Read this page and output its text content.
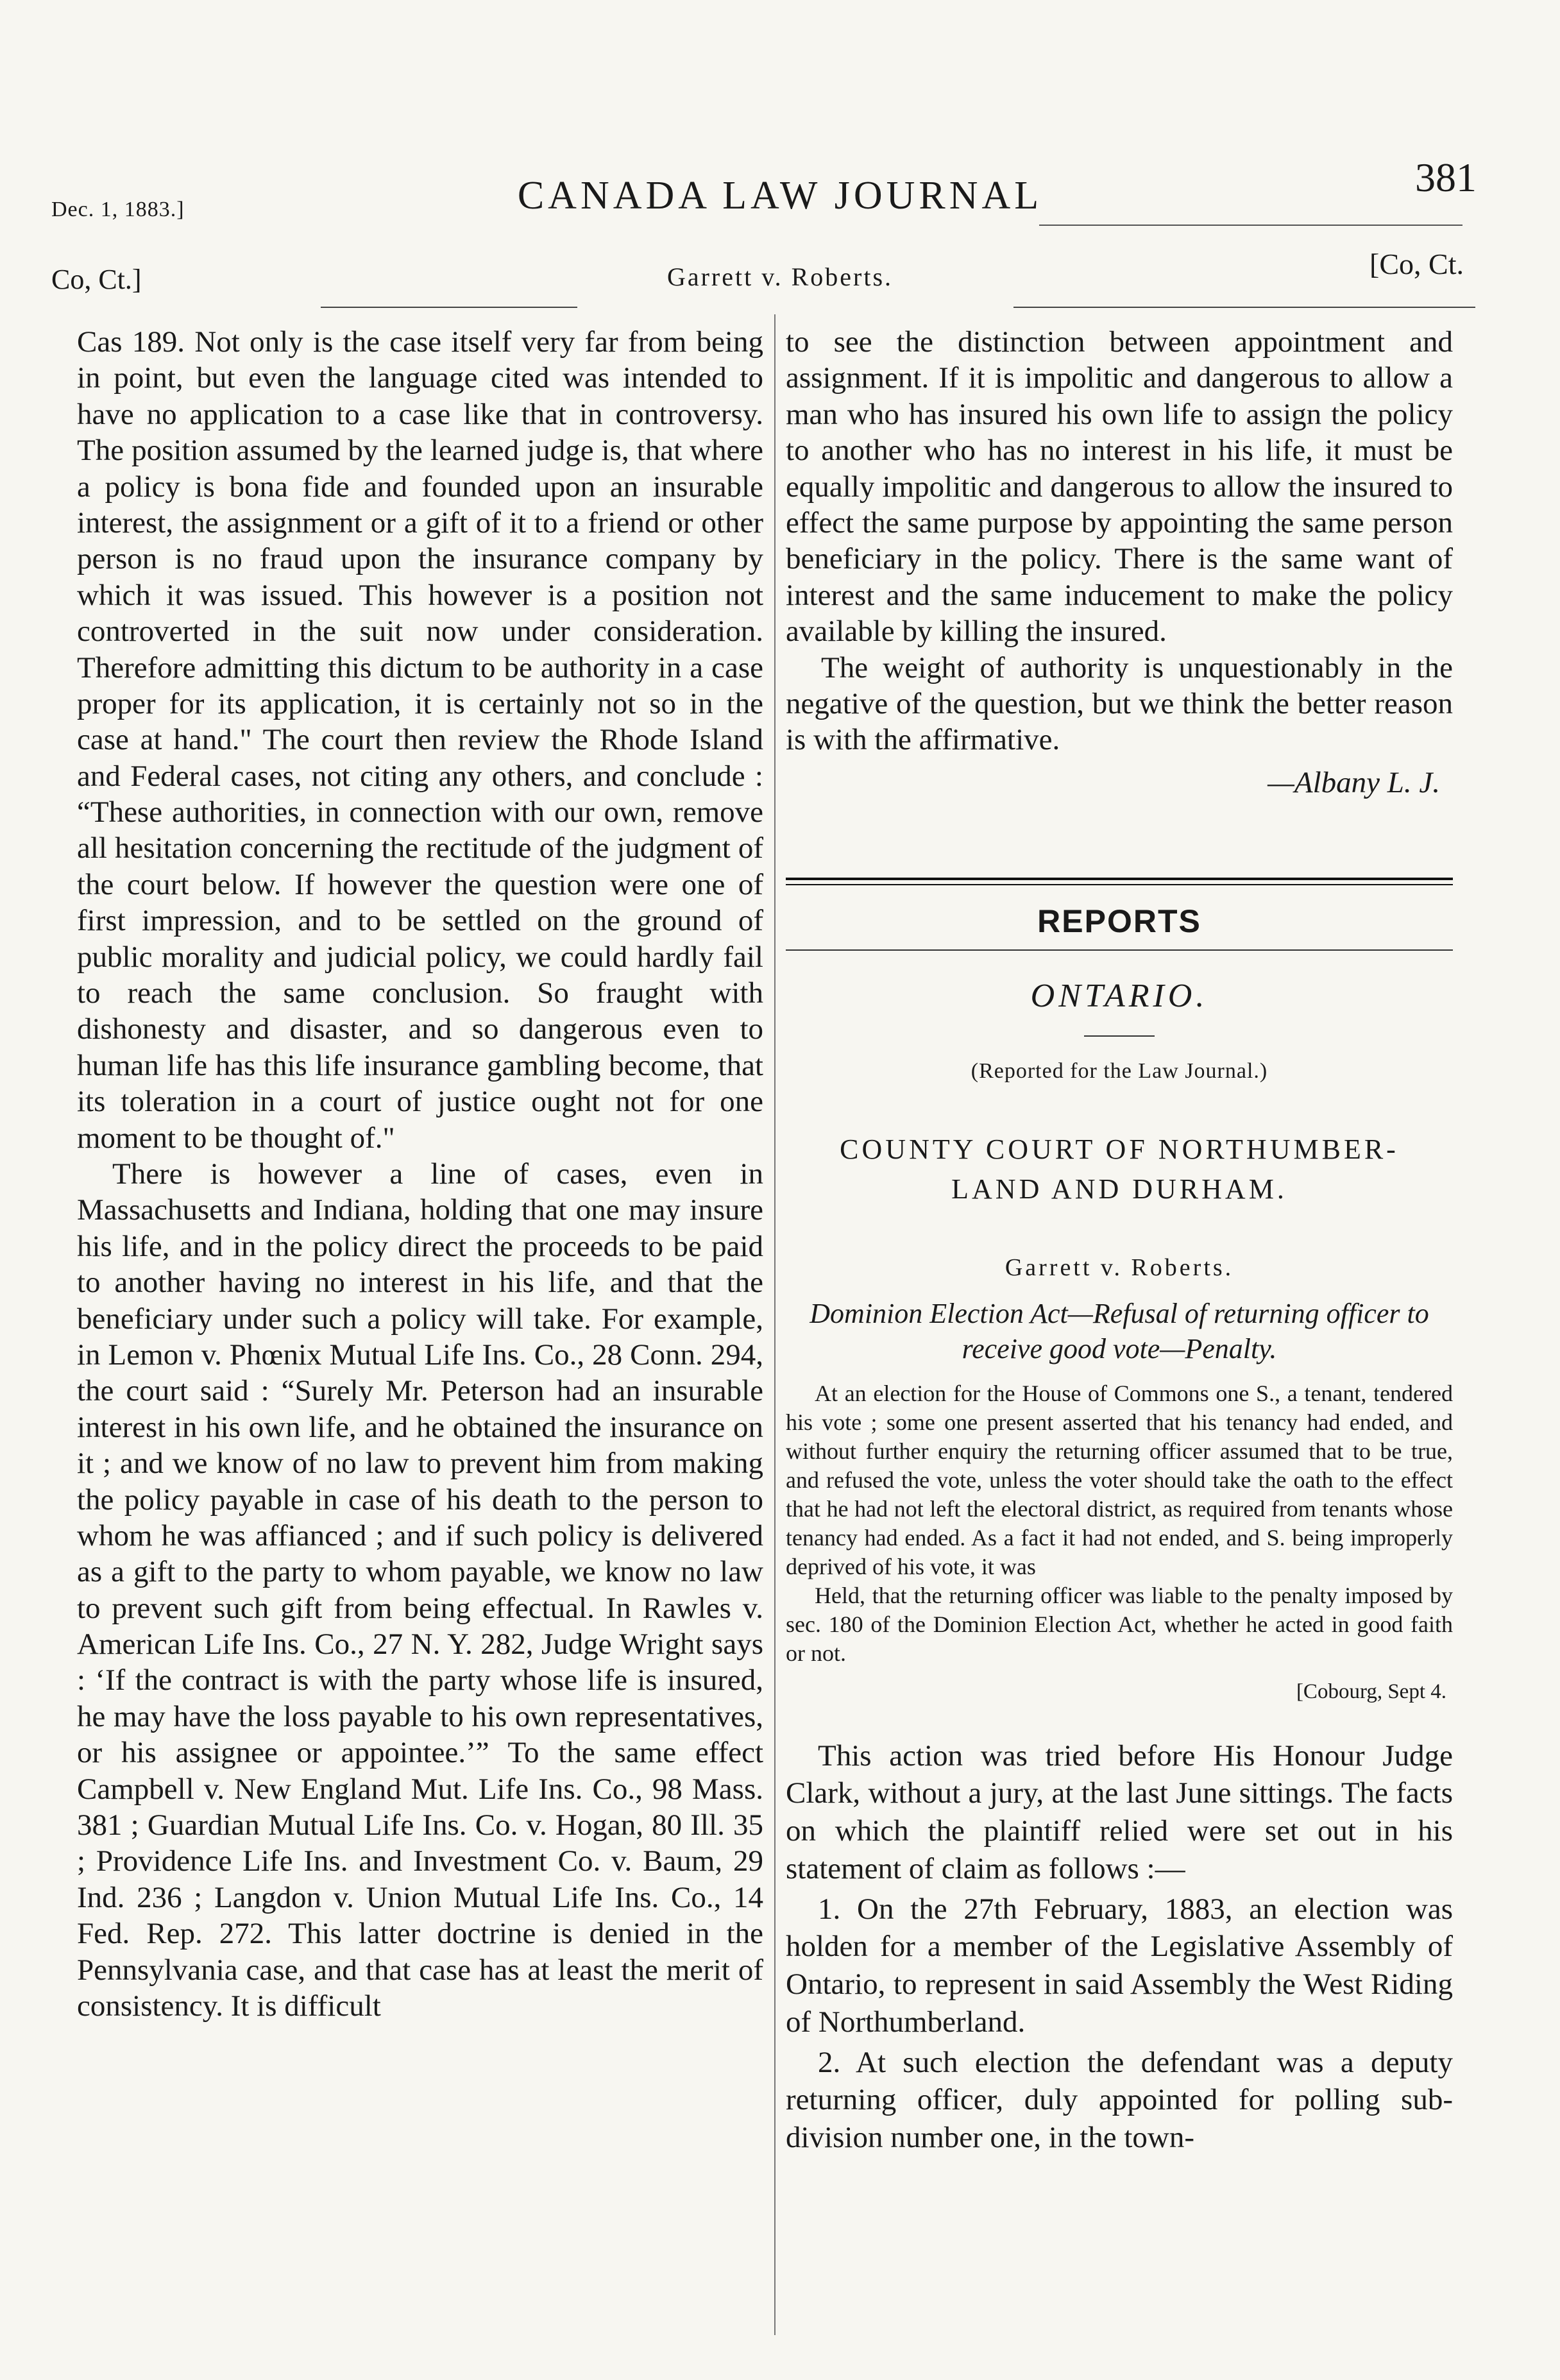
Dec. 1, 1883.]	CANADA LAW JOURNAL	381
Co, Ct.]	Garrett v. Roberts.	[Co, Ct.

Cas 189. Not only is the case itself very far from being in point, but even the language cited was intended to have no application to a case like that in controversy. The position assumed by the learned judge is, that where a policy is bona fide and founded upon an insurable interest, the assignment or a gift of it to a friend or other person is no fraud upon the insurance company by which it was issued. This however is a position not controverted in the suit now under consideration. Therefore admitting this dictum to be authority in a case proper for its application, it is certainly not so in the case at hand." The court then review the Rhode Island and Federal cases, not citing any others, and conclude : “These authorities, in connection with our own, remove all hesitation concerning the rectitude of the judgment of the court below. If however the question were one of first impression, and to be settled on the ground of public morality and judicial policy, we could hardly fail to reach the same conclusion. So fraught with dishonesty and disaster, and so dangerous even to human life has this life insurance gambling become, that its toleration in a court of justice ought not for one moment to be thought of."

There is however a line of cases, even in Massachusetts and Indiana, holding that one may insure his life, and in the policy direct the proceeds to be paid to another having no interest in his life, and that the beneficiary under such a policy will take. For example, in Lemon v. Phœnix Mutual Life Ins. Co., 28 Conn. 294, the court said : “Surely Mr. Peterson had an insurable interest in his own life, and he obtained the insurance on it ; and we know of no law to prevent him from making the policy payable in case of his death to the person to whom he was affianced ; and if such policy is delivered as a gift to the party to whom payable, we know no law to prevent such gift from being effectual. In Rawles v. American Life Ins. Co., 27 N. Y. 282, Judge Wright says : ‘If the contract is with the party whose life is insured, he may have the loss payable to his own representatives, or his assignee or appointee.’” To the same effect Campbell v. New England Mut. Life Ins. Co., 98 Mass. 381 ; Guardian Mutual Life Ins. Co. v. Hogan, 80 Ill. 35 ; Providence Life Ins. and Investment Co. v. Baum, 29 Ind. 236 ; Langdon v. Union Mutual Life Ins. Co., 14 Fed. Rep. 272. This latter doctrine is denied in the Pennsylvania case, and that case has at least the merit of consistency. It is difficult

to see the distinction between appointment and assignment. If it is impolitic and dangerous to allow a man who has insured his own life to assign the policy to another who has no interest in his life, it must be equally impolitic and dangerous to allow the insured to effect the same purpose by appointing the same person beneficiary in the policy. There is the same want of interest and the same inducement to make the policy available by killing the insured.

The weight of authority is unquestionably in the negative of the question, but we think the better reason is with the affirmative.

—Albany L. J.
REPORTS
ONTARIO.
(Reported for the Law Journal.)
COUNTY COURT OF NORTHUMBER-
LAND AND DURHAM.
Garrett v. Roberts.
Dominion Election Act—Refusal of returning officer to receive good vote—Penalty.

At an election for the House of Commons one S., a tenant, tendered his vote ; some one present asserted that his tenancy had ended, and without further enquiry the returning officer assumed that to be true, and refused the vote, unless the voter should take the oath to the effect that he had not left the electoral district, as required from tenants whose tenancy had ended. As a fact it had not ended, and S. being improperly deprived of his vote, it was

Held, that the returning officer was liable to the penalty imposed by sec. 180 of the Dominion Election Act, whether he acted in good faith or not.

[Cobourg, Sept 4.

This action was tried before His Honour Judge Clark, without a jury, at the last June sittings. The facts on which the plaintiff relied were set out in his statement of claim as follows :—

1. On the 27th February, 1883, an election was holden for a member of the Legislative Assembly of Ontario, to represent in said Assembly the West Riding of Northumberland.

2. At such election the defendant was a deputy returning officer, duly appointed for polling sub-division number one, in the town-
